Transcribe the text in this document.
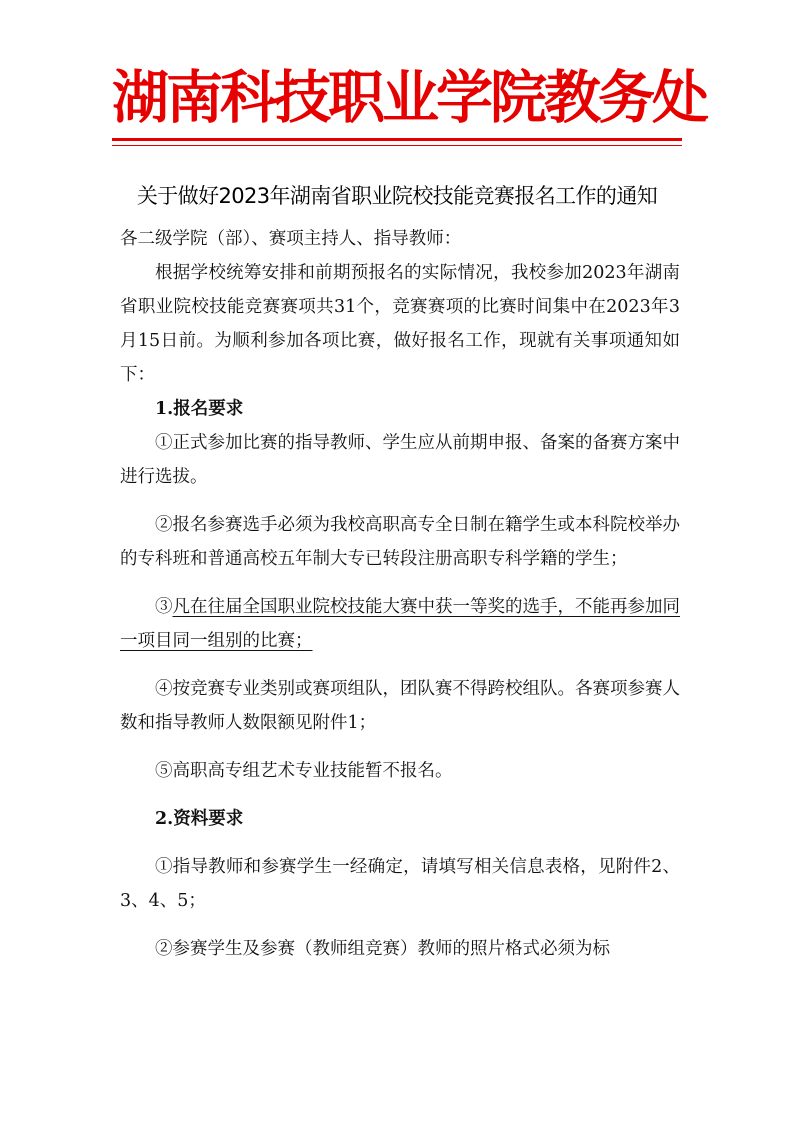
湖南科技职业学院教务处
关于做好2023年湖南省职业院校技能竞赛报名工作的通知

各二级学院（部）、赛项主持人、指导教师：

根据学校统筹安排和前期预报名的实际情况，我校参加2023年湖南省职业院校技能竞赛赛项共31个，竞赛赛项的比赛时间集中在2023年3月15日前。为顺利参加各项比赛，做好报名工作，现就有关事项通知如下：

1.报名要求

①正式参加比赛的指导教师、学生应从前期申报、备案的备赛方案中进行选拔。

②报名参赛选手必须为我校高职高专全日制在籍学生或本科院校举办的专科班和普通高校五年制大专已转段注册高职专科学籍的学生；

③凡在往届全国职业院校技能大赛中获一等奖的选手，不能再参加同一项目同一组别的比赛；

④按竞赛专业类别或赛项组队，团队赛不得跨校组队。各赛项参赛人数和指导教师人数限额见附件1；

⑤高职高专组艺术专业技能暂不报名。

2.资料要求

①指导教师和参赛学生一经确定，请填写相关信息表格，见附件2、3、4、5；

②参赛学生及参赛（教师组竞赛）教师的照片格式必须为标
